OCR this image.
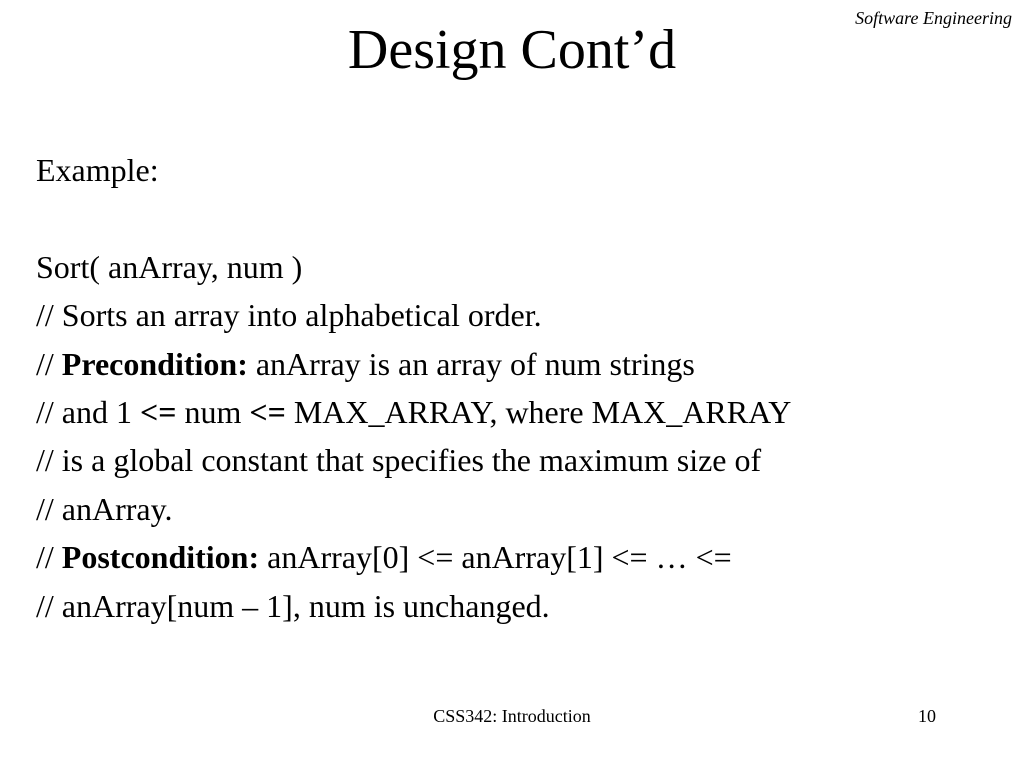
Software Engineering
Design Cont’d
Example:
Sort( anArray, num )
// Sorts an array into alphabetical order.
// Precondition: anArray is an array of num strings
// and 1 <= num <= MAX_ARRAY, where MAX_ARRAY
// is a global constant that specifies the maximum size of
// anArray.
// Postcondition: anArray[0] <= anArray[1] <= … <=
// anArray[num – 1], num is unchanged.
CSS342: Introduction	10
